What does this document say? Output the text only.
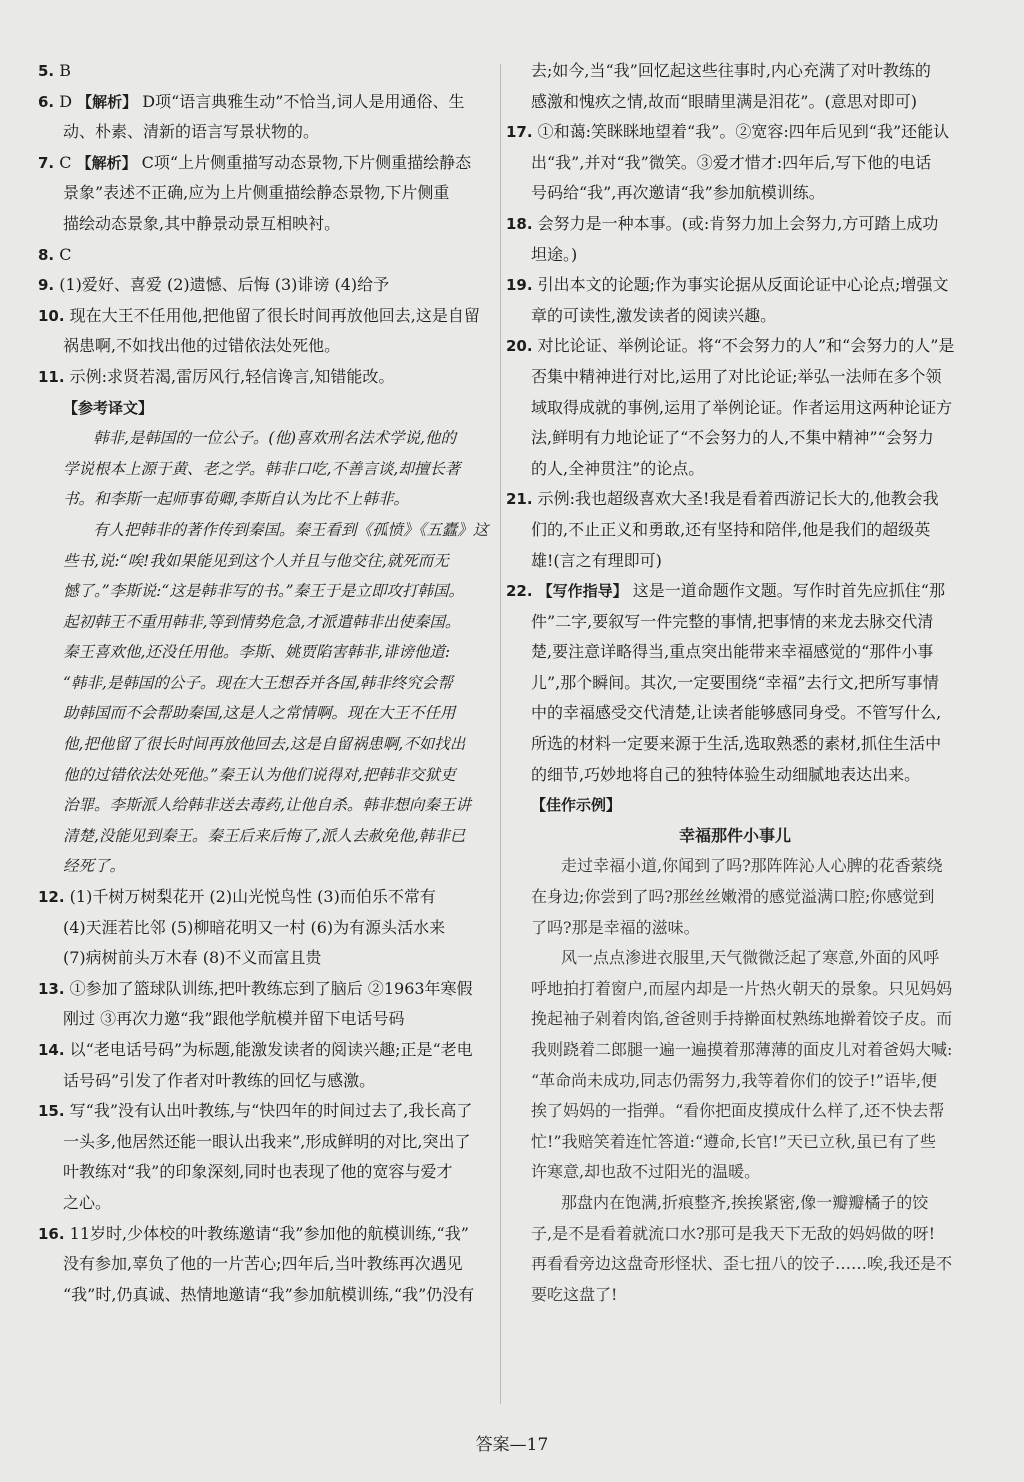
5. B
6. D 【解析】 D项“语言典雅生动”不恰当,词人是用通俗、生
动、朴素、清新的语言写景状物的。
7. C 【解析】 C项“上片侧重描写动态景物,下片侧重描绘静态
景象”表述不正确,应为上片侧重描绘静态景物,下片侧重
描绘动态景象,其中静景动景互相映衬。
8. C
9. (1)爱好、喜爱 (2)遗憾、后悔 (3)诽谤 (4)给予
10. 现在大王不任用他,把他留了很长时间再放他回去,这是自留
祸患啊,不如找出他的过错依法处死他。
11. 示例:求贤若渴,雷厉风行,轻信谗言,知错能改。
【参考译文】
韩非,是韩国的一位公子。(他)喜欢刑名法术学说,他的
学说根本上源于黄、老之学。韩非口吃,不善言谈,却擅长著
书。和李斯一起师事荀卿,李斯自认为比不上韩非。
有人把韩非的著作传到秦国。秦王看到《孤愤》《五蠹》这
些书,说:“唉!我如果能见到这个人并且与他交往,就死而无
憾了。”李斯说:“这是韩非写的书。”秦王于是立即攻打韩国。
起初韩王不重用韩非,等到情势危急,才派遣韩非出使秦国。
秦王喜欢他,还没任用他。李斯、姚贾陷害韩非,诽谤他道:
“韩非,是韩国的公子。现在大王想吞并各国,韩非终究会帮
助韩国而不会帮助秦国,这是人之常情啊。现在大王不任用
他,把他留了很长时间再放他回去,这是自留祸患啊,不如找出
他的过错依法处死他。”秦王认为他们说得对,把韩非交狱吏
治罪。李斯派人给韩非送去毒药,让他自杀。韩非想向秦王讲
清楚,没能见到秦王。秦王后来后悔了,派人去赦免他,韩非已
经死了。
12. (1)千树万树梨花开 (2)山光悦鸟性 (3)而伯乐不常有
(4)天涯若比邻 (5)柳暗花明又一村 (6)为有源头活水来
(7)病树前头万木春 (8)不义而富且贵
13. ①参加了篮球队训练,把叶教练忘到了脑后 ②1963年寒假
刚过 ③再次力邀“我”跟他学航模并留下电话号码
14. 以“老电话号码”为标题,能激发读者的阅读兴趣;正是“老电
话号码”引发了作者对叶教练的回忆与感激。
15. 写“我”没有认出叶教练,与“快四年的时间过去了,我长高了
一头多,他居然还能一眼认出我来”,形成鲜明的对比,突出了
叶教练对“我”的印象深刻,同时也表现了他的宽容与爱才
之心。
16. 11岁时,少体校的叶教练邀请“我”参加他的航模训练,“我”
没有参加,辜负了他的一片苦心;四年后,当叶教练再次遇见
“我”时,仍真诚、热情地邀请“我”参加航模训练,“我”仍没有
去;如今,当“我”回忆起这些往事时,内心充满了对叶教练的
感激和愧疚之情,故而“眼睛里满是泪花”。(意思对即可)
17. ①和蔼:笑眯眯地望着“我”。②宽容:四年后见到“我”还能认
出“我”,并对“我”微笑。③爱才惜才:四年后,写下他的电话
号码给“我”,再次邀请“我”参加航模训练。
18. 会努力是一种本事。(或:肯努力加上会努力,方可踏上成功
坦途。)
19. 引出本文的论题;作为事实论据从反面论证中心论点;增强文
章的可读性,激发读者的阅读兴趣。
20. 对比论证、举例论证。将“不会努力的人”和“会努力的人”是
否集中精神进行对比,运用了对比论证;举弘一法师在多个领
域取得成就的事例,运用了举例论证。作者运用这两种论证方
法,鲜明有力地论证了“不会努力的人,不集中精神”“会努力
的人,全神贯注”的论点。
21. 示例:我也超级喜欢大圣!我是看着西游记长大的,他教会我
们的,不止正义和勇敢,还有坚持和陪伴,他是我们的超级英
雄!(言之有理即可)
22. 【写作指导】 这是一道命题作文题。写作时首先应抓住“那
件”二字,要叙写一件完整的事情,把事情的来龙去脉交代清
楚,要注意详略得当,重点突出能带来幸福感觉的“那件小事
儿”,那个瞬间。其次,一定要围绕“幸福”去行文,把所写事情
中的幸福感受交代清楚,让读者能够感同身受。不管写什么,
所选的材料一定要来源于生活,选取熟悉的素材,抓住生活中
的细节,巧妙地将自己的独特体验生动细腻地表达出来。
【佳作示例】
幸福那件小事儿
走过幸福小道,你闻到了吗?那阵阵沁人心脾的花香萦绕
在身边;你尝到了吗?那丝丝嫩滑的感觉溢满口腔;你感觉到
了吗?那是幸福的滋味。
风一点点渗进衣服里,天气微微泛起了寒意,外面的风呼
呼地拍打着窗户,而屋内却是一片热火朝天的景象。只见妈妈
挽起袖子剁着肉馅,爸爸则手持擀面杖熟练地擀着饺子皮。而
我则跷着二郎腿一遍一遍摸着那薄薄的面皮儿对着爸妈大喊:
“革命尚未成功,同志仍需努力,我等着你们的饺子!”语毕,便
挨了妈妈的一指弹。“看你把面皮摸成什么样了,还不快去帮
忙!”我赔笑着连忙答道:“遵命,长官!”天已立秋,虽已有了些
许寒意,却也敌不过阳光的温暖。
那盘内在饱满,折痕整齐,挨挨紧密,像一瓣瓣橘子的饺
子,是不是看着就流口水?那可是我天下无敌的妈妈做的呀!
再看看旁边这盘奇形怪状、歪七扭八的饺子……唉,我还是不
要吃这盘了!
答案—17
